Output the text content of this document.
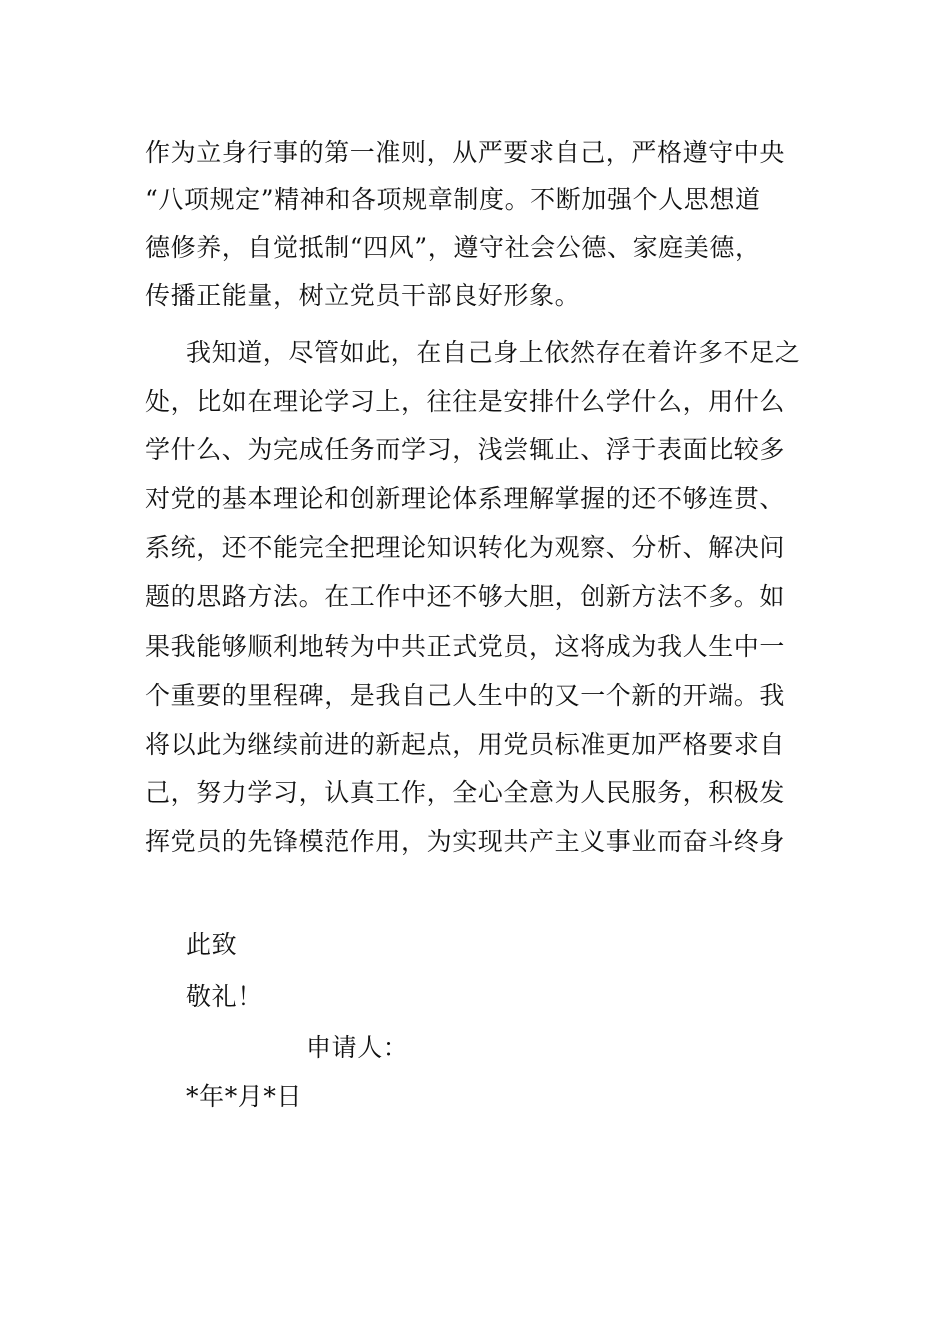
作为立身行事的第一准则，从严要求自己，严格遵守中央
“八项规定”精神和各项规章制度。不断加强个人思想道
德修养，自觉抵制“四风”，遵守社会公德、家庭美德，
传播正能量，树立党员干部良好形象。
我知道，尽管如此，在自己身上依然存在着许多不足之
处，比如在理论学习上，往往是安排什么学什么，用什么
学什么、为完成任务而学习，浅尝辄止、浮于表面比较多
对党的基本理论和创新理论体系理解掌握的还不够连贯、
系统，还不能完全把理论知识转化为观察、分析、解决问
题的思路方法。在工作中还不够大胆，创新方法不多。如
果我能够顺利地转为中共正式党员，这将成为我人生中一
个重要的里程碑，是我自己人生中的又一个新的开端。我
将以此为继续前进的新起点，用党员标准更加严格要求自
己，努力学习，认真工作，全心全意为人民服务，积极发
挥党员的先锋模范作用，为实现共产主义事业而奋斗终身
此致
敬礼！
申请人：
*年*月*日
